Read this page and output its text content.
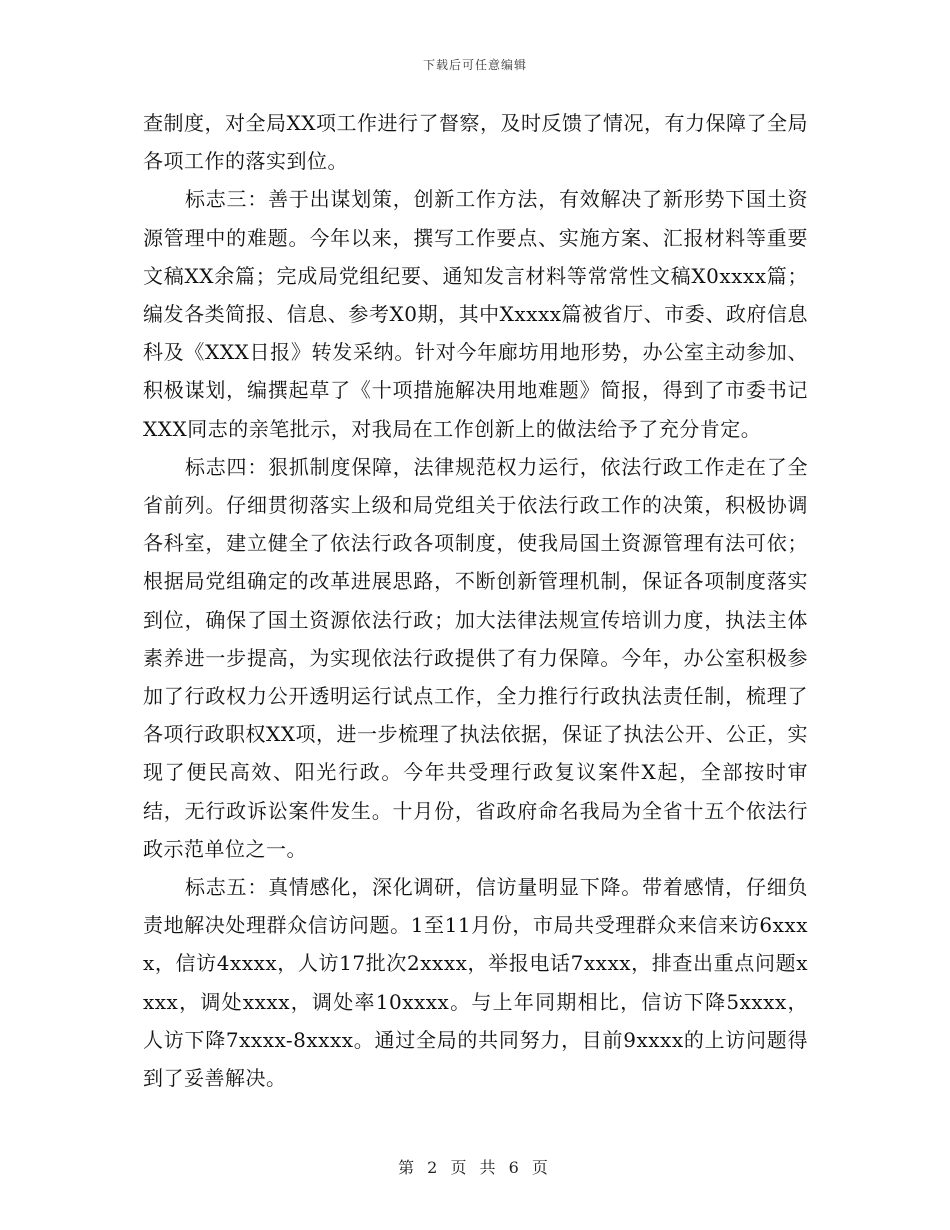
下载后可任意编辑

查制度，对全局XX项工作进行了督察，及时反馈了情况，有力保障了全局各项工作的落实到位。

标志三：善于出谋划策，创新工作方法，有效解决了新形势下国土资源管理中的难题。今年以来，撰写工作要点、实施方案、汇报材料等重要文稿XX余篇；完成局党组纪要、通知发言材料等常常性文稿X0xxxx篇；编发各类简报、信息、参考X0期，其中Xxxxx篇被省厅、市委、政府信息科及《XXX日报》转发采纳。针对今年廊坊用地形势，办公室主动参加、积极谋划，编撰起草了《十项措施解决用地难题》简报，得到了市委书记XXX同志的亲笔批示，对我局在工作创新上的做法给予了充分肯定。

标志四：狠抓制度保障，法律规范权力运行，依法行政工作走在了全省前列。仔细贯彻落实上级和局党组关于依法行政工作的决策，积极协调各科室，建立健全了依法行政各项制度，使我局国土资源管理有法可依；根据局党组确定的改革进展思路，不断创新管理机制，保证各项制度落实到位，确保了国土资源依法行政；加大法律法规宣传培训力度，执法主体素养进一步提高，为实现依法行政提供了有力保障。今年，办公室积极参加了行政权力公开透明运行试点工作，全力推行行政执法责任制，梳理了各项行政职权XX项，进一步梳理了执法依据，保证了执法公开、公正，实现了便民高效、阳光行政。今年共受理行政复议案件X起，全部按时审结，无行政诉讼案件发生。十月份，省政府命名我局为全省十五个依法行政示范单位之一。

标志五：真情感化，深化调研，信访量明显下降。带着感情，仔细负责地解决处理群众信访问题。1至11月份，市局共受理群众来信来访6xxxx，信访4xxxx，人访17批次2xxxx，举报电话7xxxx，排查出重点问题xxxx，调处xxxx，调处率10xxxx。与上年同期相比，信访下降5xxxx，人访下降7xxxx-8xxxx。通过全局的共同努力，目前9xxxx的上访问题得到了妥善解决。

第 2 页 共 6 页
